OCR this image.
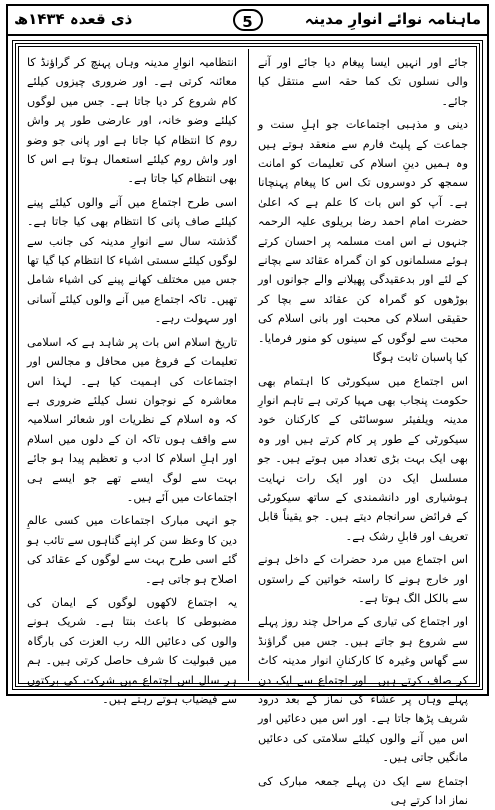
ماہنامہ نوائے انوارِ مدینہ
5
ذی قعدہ ۱۴۳۴ھ

جائے اور انہیں ایسا پیغام دیا جائے اور آنے والی نسلوں تک کما حقہ اسے منتقل کیا جائے۔

دینی و مذہبی اجتماعات جو اہلِ سنت و جماعت کے پلیٹ فارم سے منعقد ہوتے ہیں وہ ہمیں دینِ اسلام کی تعلیمات کو امانت سمجھ کر دوسروں تک اس کا پیغام پہنچانا ہے۔ آپ کو اس بات کا علم ہے کہ اعلیٰ حضرت امام احمد رضا بریلوی علیہ الرحمہ جنہوں نے اس امت مسلمہ پر احسان کرتے ہوئے مسلمانوں کو ان گمراہ عقائد سے بچانے کے لئے اور بدعقیدگی پھیلانے والے جوانوں اور بوڑھوں کو گمراہ کن عقائد سے بچا کر حقیقی اسلام کی محبت اور بانی اسلام کی محبت سے لوگوں کے سینوں کو منور فرمایا۔ کیا پاسبان ثابت ہوگا

اس اجتماع میں سیکورٹی کا اہتمام بھی حکومت پنجاب بھی مہیا کرتی ہے تاہم انوارِ مدینہ ویلفیئر سوسائٹی کے کارکنان خود سیکورٹی کے طور پر کام کرتے ہیں اور وہ بھی ایک بہت بڑی تعداد میں ہوتے ہیں۔ جو مسلسل ایک دن اور ایک رات نہایت ہوشیاری اور دانشمندی کے ساتھ سیکورٹی کے فرائض سرانجام دیتے ہیں۔ جو یقیناً قابل تعریف اور قابلِ رشک ہے۔

اس اجتماع میں مرد حضرات کے داخل ہونے اور خارج ہونے کا راستہ خواتین کے راستوں سے بالکل الگ ہوتا ہے۔

اور اجتماع کی تیاری کے مراحل چند روز پہلے سے شروع ہو جاتے ہیں۔ جس میں گراؤنڈ سے گھاس وغیرہ کا کارکنانِ انوار مدینہ کاٹ کر صاف کرتے ہیں۔ اور اجتماع سے ایک دن پہلے وہاں پر عشاء کی نماز کے بعد درود شریف پڑھا جاتا ہے۔ اور اس میں دعائیں اور اس میں آنے والوں کیلئے سلامتی کی دعائیں مانگیں جاتی ہیں۔

اجتماع سے ایک دن پہلے جمعہ مبارک کی نماز ادا کرتے ہی

انتظامیہ انوارِ مدینہ وہاں پہنچ کر گراؤنڈ کا معائنہ کرتی ہے۔ اور ضروری چیزوں کیلئے کام شروع کر دیا جاتا ہے۔ جس میں لوگوں کیلئے وضو خانہ، اور عارضی طور پر واش روم کا انتظام کیا جاتا ہے اور پانی جو وضو اور واش روم کیلئے استعمال ہوتا ہے اس کا بھی انتظام کیا جاتا ہے۔

اسی طرح اجتماع میں آنے والوں کیلئے پینے کیلئے صاف پانی کا انتظام بھی کیا جاتا ہے۔ گذشتہ سال سے انوارِ مدینہ کی جانب سے لوگوں کیلئے سستی اشیاء کا انتظام کیا گیا تھا جس میں مختلف کھانے پینے کی اشیاء شامل تھیں۔ تاکہ اجتماع میں آنے والوں کیلئے آسانی اور سہولت رہے۔

تاریخ اسلام اس بات پر شاہد ہے کہ اسلامی تعلیمات کے فروغ میں محافل و مجالس اور اجتماعات کی اہمیت کیا ہے۔ لہذا اس معاشرہ کے نوجوان نسل کیلئے ضروری ہے کہ وہ اسلام کے نظریات اور شعائر اسلامیہ سے واقف ہوں تاکہ ان کے دلوں میں اسلام اور اہلِ اسلام کا ادب و تعظیم پیدا ہو جائے بہت سے لوگ ایسے تھے جو ایسے ہی اجتماعات میں آئے ہیں۔

جو انہی مبارک اجتماعات میں کسی عالمِ دین کا وعظ سن کر اپنے گناہوں سے تائب ہو گئے اسی طرح بہت سے لوگوں کے عقائد کی اصلاح ہو جاتی ہے۔

یہ اجتماع لاکھوں لوگوں کے ایمان کی مضبوطی کا باعث بنتا ہے۔ شریک ہونے والوں کی دعائیں اللہ رب العزت کی بارگاہ میں قبولیت کا شرف حاصل کرتی ہیں۔ ہم ہر سال اس اجتماع میں شرکت کی برکتوں سے فیضیاب ہوتے رہتے ہیں۔
